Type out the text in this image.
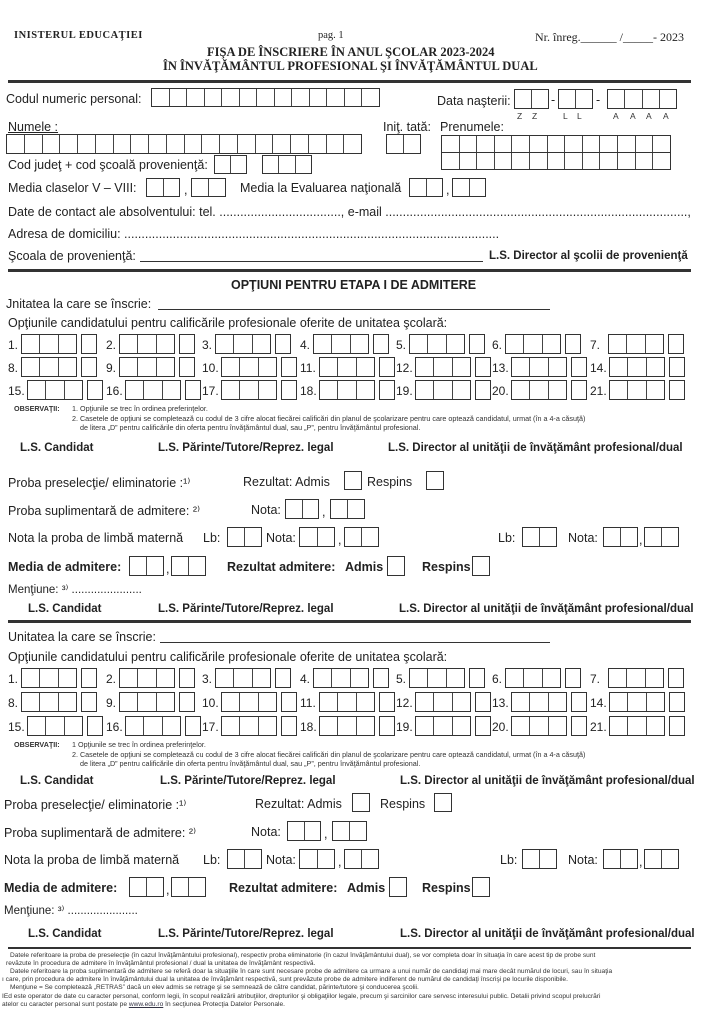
INISTERUL EDUCAŢIEI	pag. 1	Nr. înreg.______ /_____- 2023
FIŞA DE ÎNSCRIERE ÎN ANUL ŞCOLAR 2023-2024
ÎN ÎNVĂŢĂMÂNTUL PROFESIONAL ŞI ÎNVĂŢĂMÂNTUL DUAL
Codul numeric personal:	Data naşterii:	-	-
Z Z	L L	A A A A
Numele :	Iniţ. tată: Prenumele:
Cod judeţ + cod şcoală provenienţă:
Media claselor V – VIII:	,	Media la Evaluarea naţională	,
Date de contact ale absolventului: tel. ..................................., e-mail .......................................................................................,
Adresa de domiciliu: ............................................................................................................
Şcoala de provenienţă:	L.S. Director al şcolii de provenienţă
OPŢIUNI PENTRU ETAPA I DE ADMITERE
Jnitatea la care se înscrie:
Opţiunile candidatului pentru calificările profesionale oferite de unitatea şcolară:
1.	2.	3.	4.	5.	6.	7.
8.	9.	10.	11.	12.	13.	14.
15.	16.	17.	18.	19.	20.	21.
OBSERVAŢII: 1. Opţiunile se trec în ordinea preferinţelor.
2. Casetele de opţiuni se completează cu codul de 3 cifre alocat fiecărei calificări din planul de şcolarizare pentru care optează candidatul, urmat (în a 4-a căsuţă)
de litera „D” pentru calificările din oferta pentru învăţământul dual, sau „P”, pentru învăţământul profesional.
L.S. Candidat	L.S. Părinte/Tutore/Reprez. legal	L.S. Director al unităţii de învăţământ profesional/dual
Proba preselecţie/ eliminatorie :¹⁾	Rezultat: Admis	Respins
Proba suplimentară de admitere: ²⁾	Nota:	,
Nota la proba de limbă maternă Lb:	Nota:	,	Lb:	Nota:	,
Media de admitere:	,	Rezultat admitere: Admis	Respins
Menţiune: ³⁾ ......................
L.S. Candidat	L.S. Părinte/Tutore/Reprez. legal	L.S. Director al unităţii de învăţământ profesional/dual
Unitatea la care se înscrie:
Opţiunile candidatului pentru calificările profesionale oferite de unitatea şcolară:
1.	2.	3.	4.	5.	6.	7.
8.	9.	10.	11.	12.	13.	14.
15.	16.	17.	18.	19.	20.	21.
OBSERVAŢII: 1 Opţiunile se trec în ordinea preferinţelor.
2. Casetele de opţiuni se completează cu codul de 3 cifre alocat fiecărei calificări din planul de şcolarizare pentru care optează candidatul, urmat (în a 4-a căsuţă)
de litera „D” pentru calificările din oferta pentru învăţământul dual, sau „P”, pentru învăţământul profesional.
L.S. Candidat	L.S. Părinte/Tutore/Reprez. legal	L.S. Director al unităţii de învăţământ profesional/dual
Proba preselecţie/ eliminatorie :¹⁾	Rezultat: Admis	Respins
Proba suplimentară de admitere: ²⁾	Nota:	,
Nota la proba de limbă maternă Lb:	Nota:	,	Lb:	Nota:	,
Media de admitere:	,	Rezultat admitere: Admis	Respins
Menţiune: ³⁾ ......................
L.S. Candidat	L.S. Părinte/Tutore/Reprez. legal	L.S. Director al unităţii de învăţământ profesional/dual
Datele referitoare la proba de preselecţie (în cazul învăţământului profesional), respectiv proba eliminatorie (în cazul învăţământului dual), se vor completa doar în situaţia în care acest tip de probe sunt
revăzute în procedura de admitere în învăţământul profesional / dual la unitatea de învăţământ respectivă.
Datele referitoare la proba suplimentară de admitere se referă doar la situaţiile în care sunt necesare probe de admitere ca urmare a unui număr de candidaţi mai mare decât numărul de locuri, sau în situaţia
ı care, prin procedura de admitere în învăţământului dual la unitatea de învăţământ respectivă, sunt prevăzute probe de admitere indiferent de numărul de candidaţi înscrişi pe locurile disponibile.
Menţiune = Se completează „RETRAS” dacă un elev admis se retrage şi se semnează de către candidat, părinte/tutore şi conducerea şcolii.
IEd este operator de date cu caracter personal, conform legii, în scopul realizării atribuţiilor, drepturilor şi obligaţiilor legale, precum şi sarcinilor care servesc interesului public. Detalii privind scopul prelucrări
atelor cu caracter personal sunt postate pe www.edu.ro în secţiunea Protecţia Datelor Personale.
